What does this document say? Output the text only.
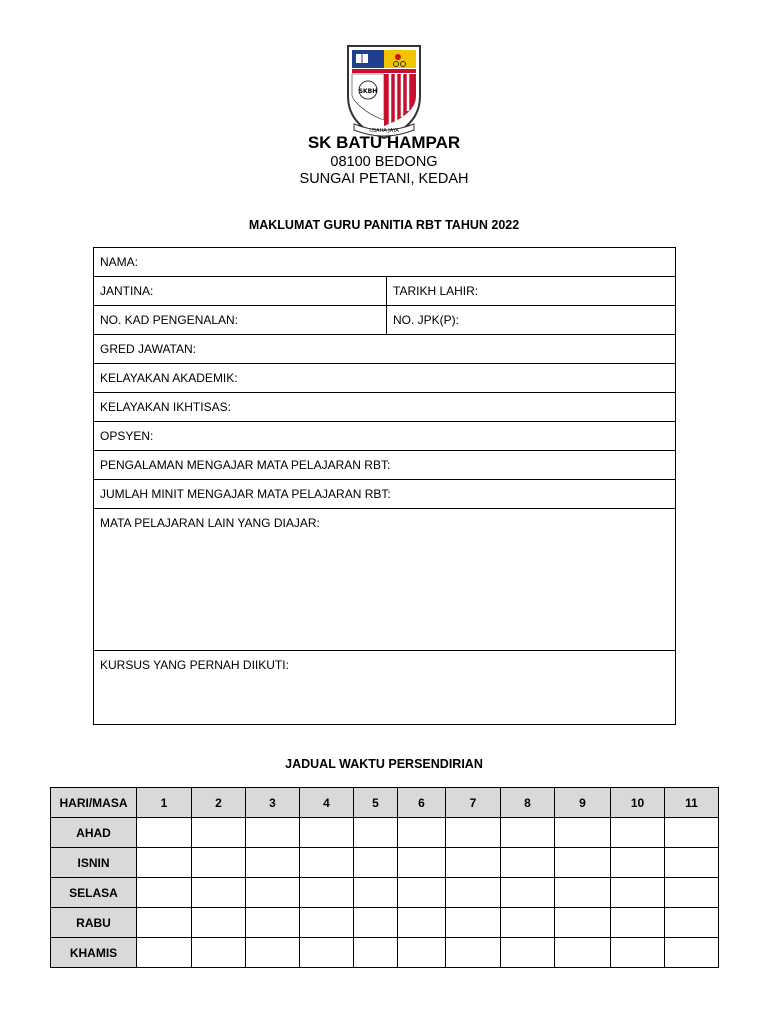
SKBH
USAHA JAYA
SK BATU HAMPAR
08100 BEDONG
SUNGAI PETANI, KEDAH
MAKLUMAT GURU PANITIA RBT TAHUN 2022
NAMA:	
JANTINA:	TARIKH LAHIR:
NO. KAD PENGENALAN:	NO. JPK(P):
GRED JAWATAN:	
KELAYAKAN AKADEMIK:	
KELAYAKAN IKHTISAS:	
OPSYEN:	
PENGALAMAN MENGAJAR MATA PELAJARAN RBT:	
JUMLAH MINIT MENGAJAR MATA PELAJARAN RBT:	
MATA PELAJARAN LAIN YANG DIAJAR:	
KURSUS YANG PERNAH DIIKUTI:	
JADUAL WAKTU PERSENDIRIAN
HARI/MASA	1	2	3	4	5	6	7	8	9	10	11
AHAD											
ISNIN											
SELASA											
RABU											
KHAMIS											
